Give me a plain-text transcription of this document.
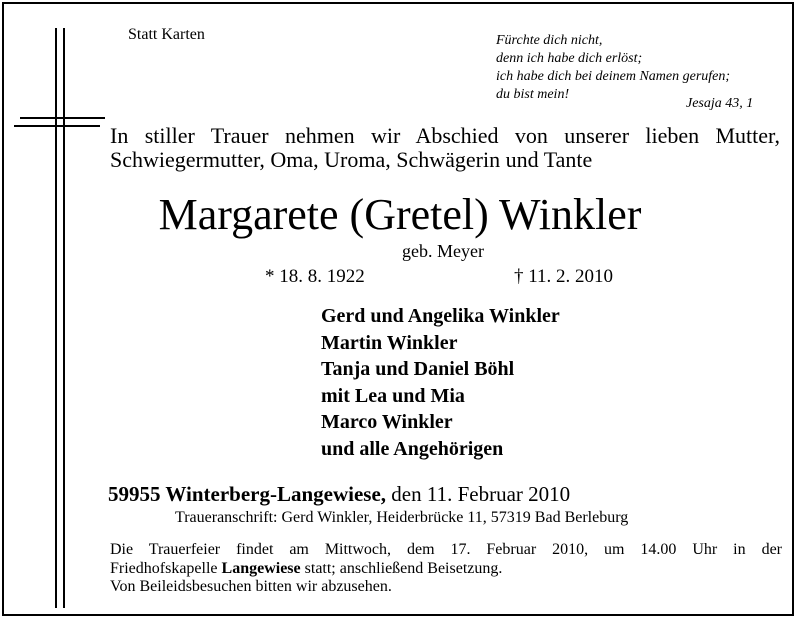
Statt Karten	Fürchte dich nicht,
denn ich habe dich erlöst;
ich habe dich bei deinem Namen gerufen;
du bist mein!
Jesaja 43, 1
In stiller Trauer nehmen wir Abschied von unserer lieben Mutter, Schwiegermutter, Oma, Uroma, Schwägerin und Tante
Margarete (Gretel) Winkler
geb. Meyer
* 18. 8. 1922	† 11. 2. 2010
Gerd und Angelika Winkler
Martin Winkler
Tanja und Daniel Böhl
mit Lea und Mia
Marco Winkler
und alle Angehörigen
59955 Winterberg-Langewiese, den 11. Februar 2010
Traueranschrift: Gerd Winkler, Heiderbrücke 11, 57319 Bad Berleburg
Die Trauerfeier findet am Mittwoch, dem 17. Februar 2010, um 14.00 Uhr in der
Friedhofskapelle Langewiese statt; anschließend Beisetzung.
Von Beileidsbesuchen bitten wir abzusehen.
